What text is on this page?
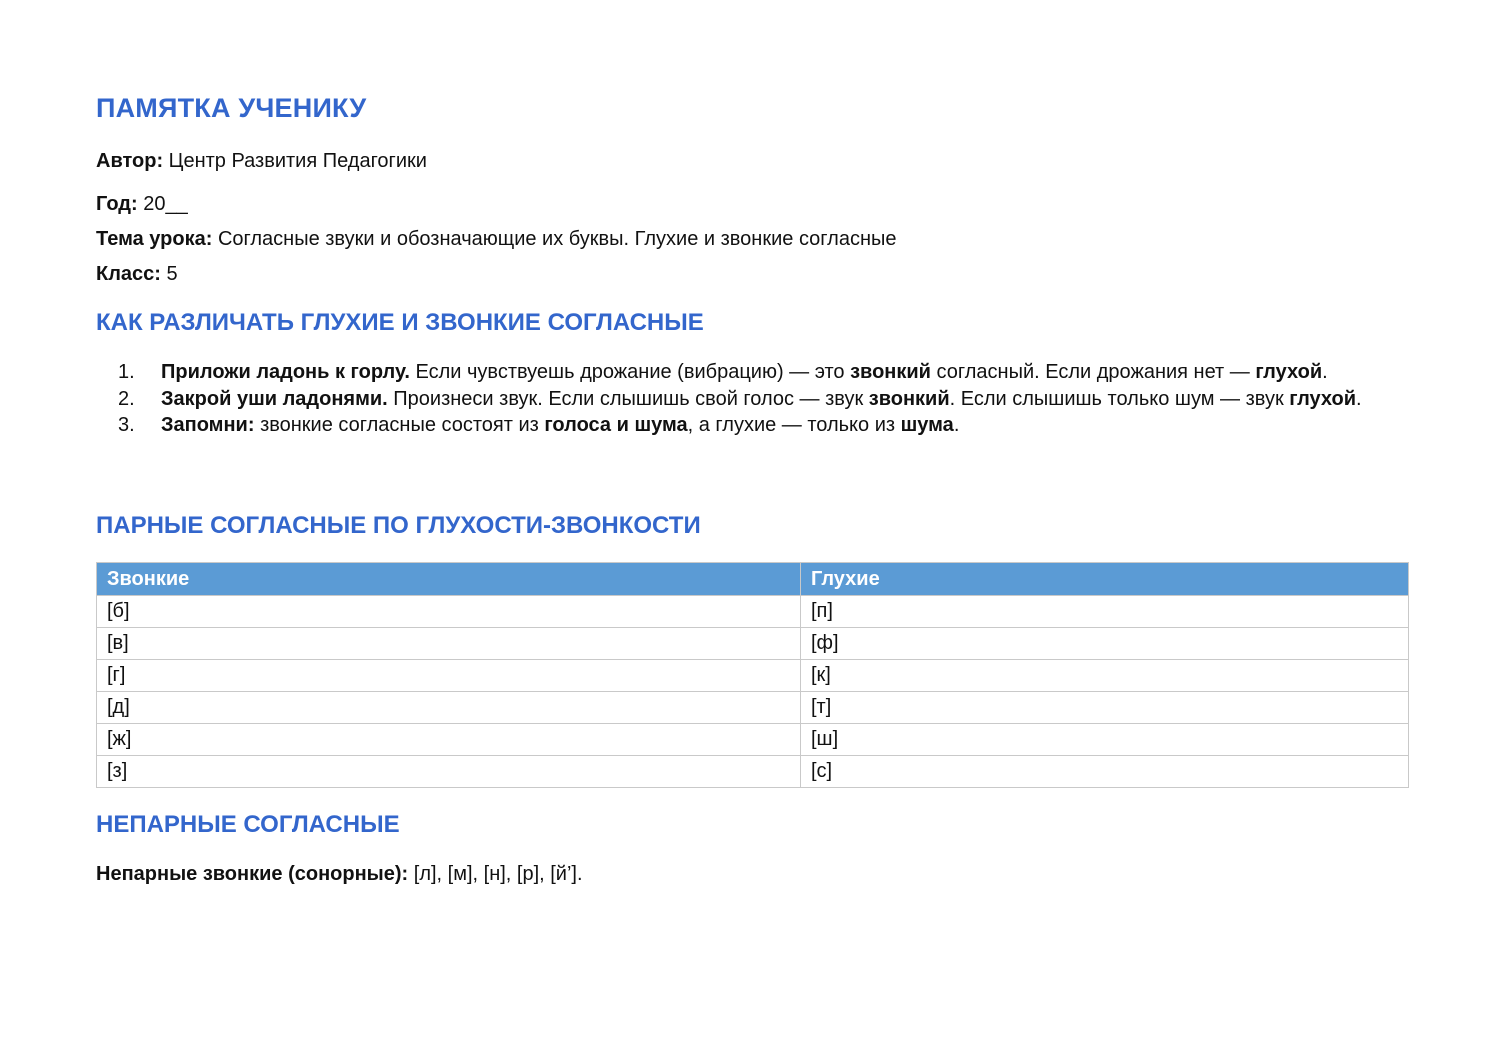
ПАМЯТКА УЧЕНИКУ

Автор: Центр Развития Педагогики

Год: 20__

Тема урока: Согласные звуки и обозначающие их буквы. Глухие и звонкие согласные

Класс: 5

КАК РАЗЛИЧАТЬ ГЛУХИЕ И ЗВОНКИЕ СОГЛАСНЫЕ
1. Приложи ладонь к горлу. Если чувствуешь дрожание (вибрацию) — это звонкий согласный. Если дрожания нет — глухой.
2. Закрой уши ладонями. Произнеси звук. Если слышишь свой голос — звук звонкий. Если слышишь только шум — звук глухой.
3. Запомни: звонкие согласные состоят из голоса и шума, а глухие — только из шума.
ПАРНЫЕ СОГЛАСНЫЕ ПО ГЛУХОСТИ-ЗВОНКОСТИ
Звонкие	Глухие
[б]	[п]
[в]	[ф]
[г]	[к]
[д]	[т]
[ж]	[ш]
[з]	[с]
НЕПАРНЫЕ СОГЛАСНЫЕ

Непарные звонкие (сонорные): [л], [м], [н], [р], [й’].
